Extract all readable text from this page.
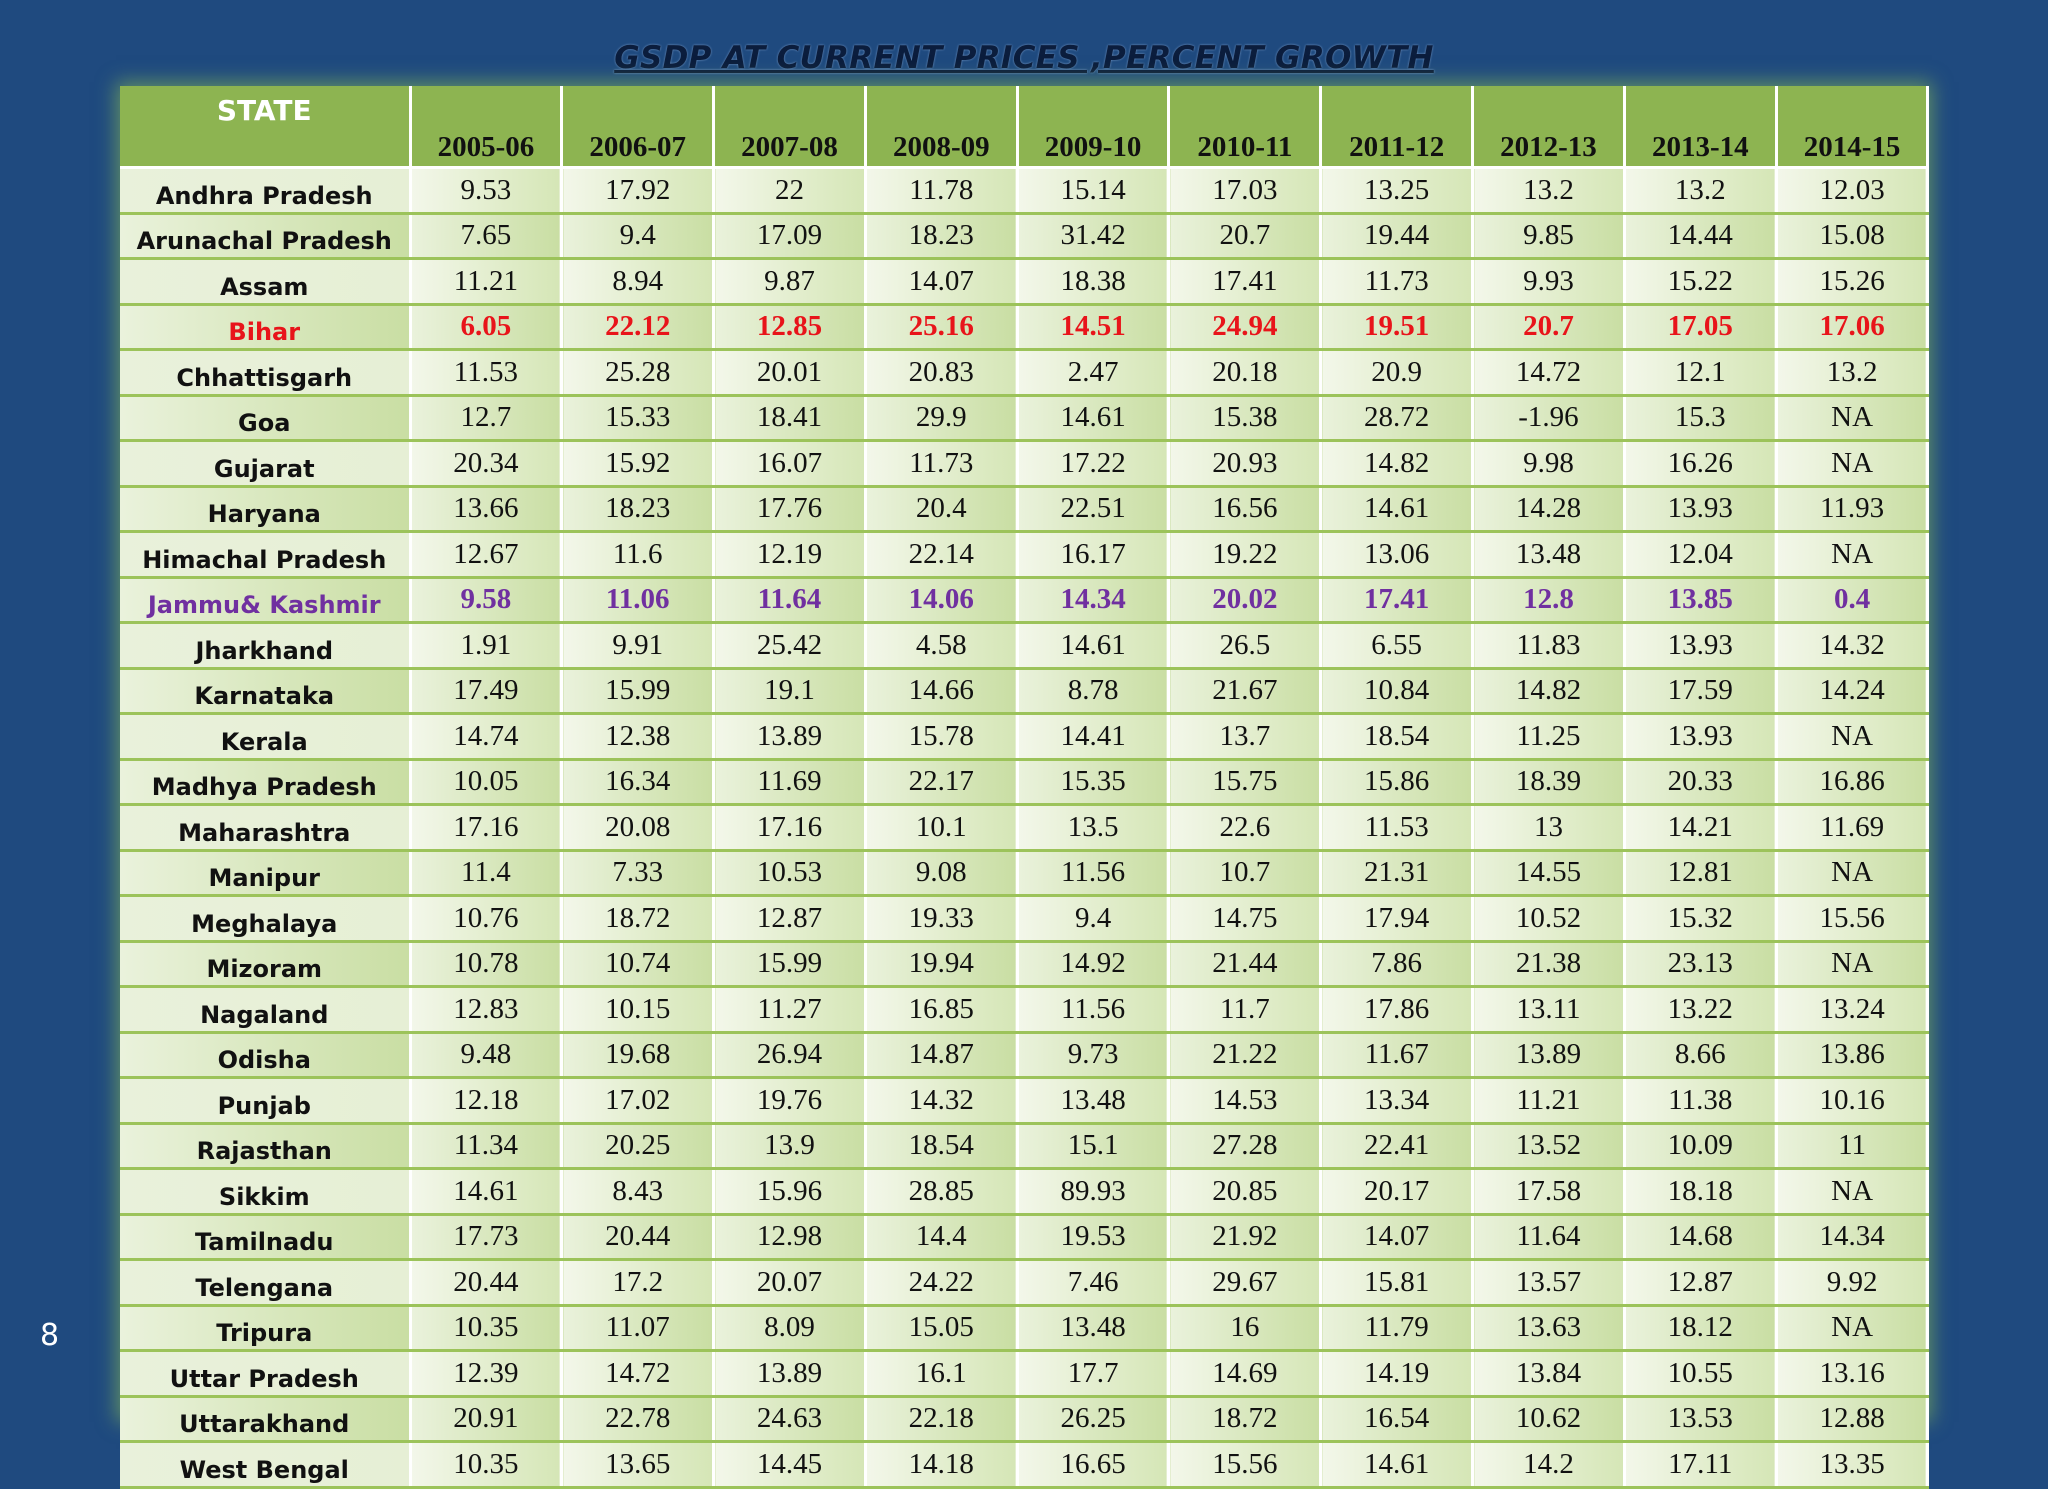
GSDP AT CURRENT PRICES ,PERCENT GROWTH
STATE	2005-06	2006-07	2007-08	2008-09	2009-10	2010-11	2011-12	2012-13	2013-14	2014-15
Andhra Pradesh	9.53	17.92	22	11.78	15.14	17.03	13.25	13.2	13.2	12.03
Arunachal Pradesh	7.65	9.4	17.09	18.23	31.42	20.7	19.44	9.85	14.44	15.08
Assam	11.21	8.94	9.87	14.07	18.38	17.41	11.73	9.93	15.22	15.26
Bihar	6.05	22.12	12.85	25.16	14.51	24.94	19.51	20.7	17.05	17.06
Chhattisgarh	11.53	25.28	20.01	20.83	2.47	20.18	20.9	14.72	12.1	13.2
Goa	12.7	15.33	18.41	29.9	14.61	15.38	28.72	-1.96	15.3	NA
Gujarat	20.34	15.92	16.07	11.73	17.22	20.93	14.82	9.98	16.26	NA
Haryana	13.66	18.23	17.76	20.4	22.51	16.56	14.61	14.28	13.93	11.93
Himachal Pradesh	12.67	11.6	12.19	22.14	16.17	19.22	13.06	13.48	12.04	NA
Jammu& Kashmir	9.58	11.06	11.64	14.06	14.34	20.02	17.41	12.8	13.85	0.4
Jharkhand	1.91	9.91	25.42	4.58	14.61	26.5	6.55	11.83	13.93	14.32
Karnataka	17.49	15.99	19.1	14.66	8.78	21.67	10.84	14.82	17.59	14.24
Kerala	14.74	12.38	13.89	15.78	14.41	13.7	18.54	11.25	13.93	NA
Madhya Pradesh	10.05	16.34	11.69	22.17	15.35	15.75	15.86	18.39	20.33	16.86
Maharashtra	17.16	20.08	17.16	10.1	13.5	22.6	11.53	13	14.21	11.69
Manipur	11.4	7.33	10.53	9.08	11.56	10.7	21.31	14.55	12.81	NA
Meghalaya	10.76	18.72	12.87	19.33	9.4	14.75	17.94	10.52	15.32	15.56
Mizoram	10.78	10.74	15.99	19.94	14.92	21.44	7.86	21.38	23.13	NA
Nagaland	12.83	10.15	11.27	16.85	11.56	11.7	17.86	13.11	13.22	13.24
Odisha	9.48	19.68	26.94	14.87	9.73	21.22	11.67	13.89	8.66	13.86
Punjab	12.18	17.02	19.76	14.32	13.48	14.53	13.34	11.21	11.38	10.16
Rajasthan	11.34	20.25	13.9	18.54	15.1	27.28	22.41	13.52	10.09	11
Sikkim	14.61	8.43	15.96	28.85	89.93	20.85	20.17	17.58	18.18	NA
Tamilnadu	17.73	20.44	12.98	14.4	19.53	21.92	14.07	11.64	14.68	14.34
Telengana	20.44	17.2	20.07	24.22	7.46	29.67	15.81	13.57	12.87	9.92
Tripura	10.35	11.07	8.09	15.05	13.48	16	11.79	13.63	18.12	NA
Uttar Pradesh	12.39	14.72	13.89	16.1	17.7	14.69	14.19	13.84	10.55	13.16
Uttarakhand	20.91	22.78	24.63	22.18	26.25	18.72	16.54	10.62	13.53	12.88
West Bengal	10.35	13.65	14.45	14.18	16.65	15.56	14.61	14.2	17.11	13.35
8
